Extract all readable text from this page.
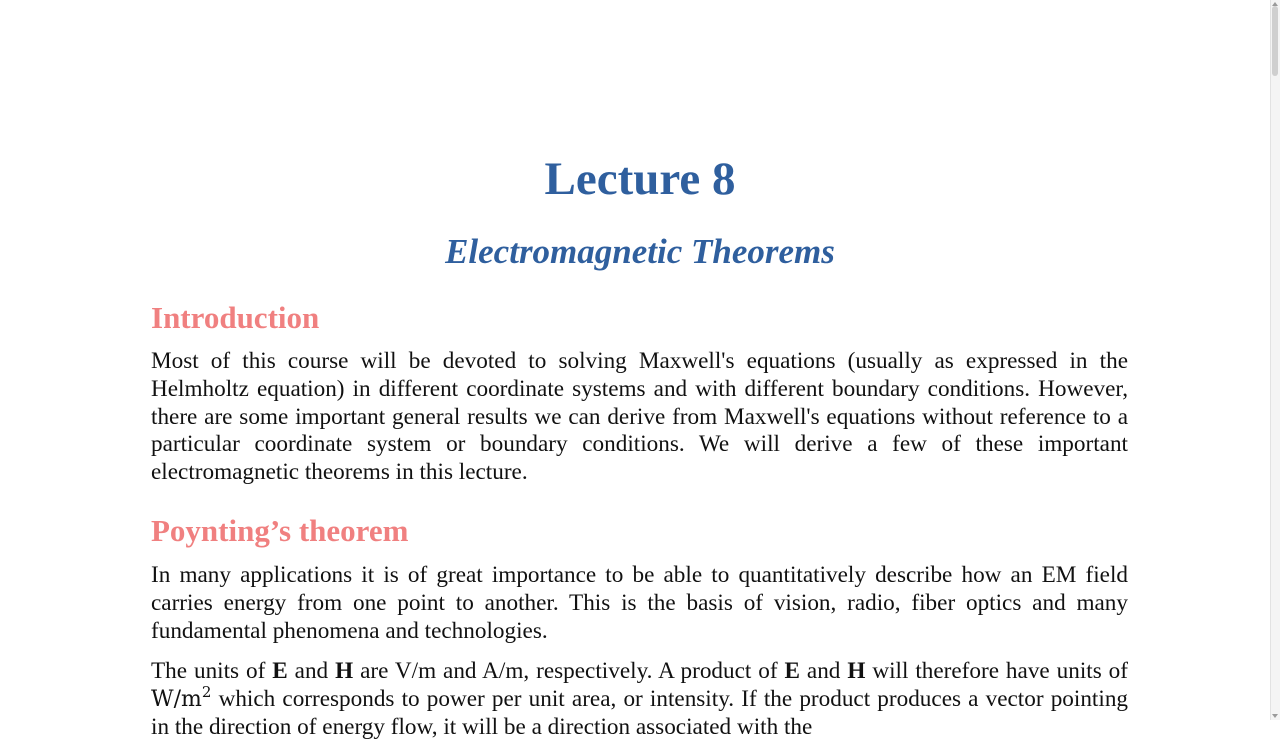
Lecture 8
Electromagnetic Theorems
Introduction

Most of this course will be devoted to solving Maxwell's equations (usually as expressed in the Helmholtz equation) in different coordinate systems and with different boundary conditions. However, there are some important general results we can derive from Maxwell's equations without reference to a particular coordinate system or boundary conditions. We will derive a few of these important electromagnetic theorems in this lecture.

Poynting’s theorem

In many applications it is of great importance to be able to quantitatively describe how an EM field carries energy from one point to another. This is the basis of vision, radio, fiber optics and many fundamental phenomena and technologies.

The units of E and H are V/m and A/m, respectively. A product of E and H will therefore have units of $W/m^2$ which corresponds to power per unit area, or intensity. If the product produces a vector pointing in the direction of energy flow, it will be a direction associated with the
